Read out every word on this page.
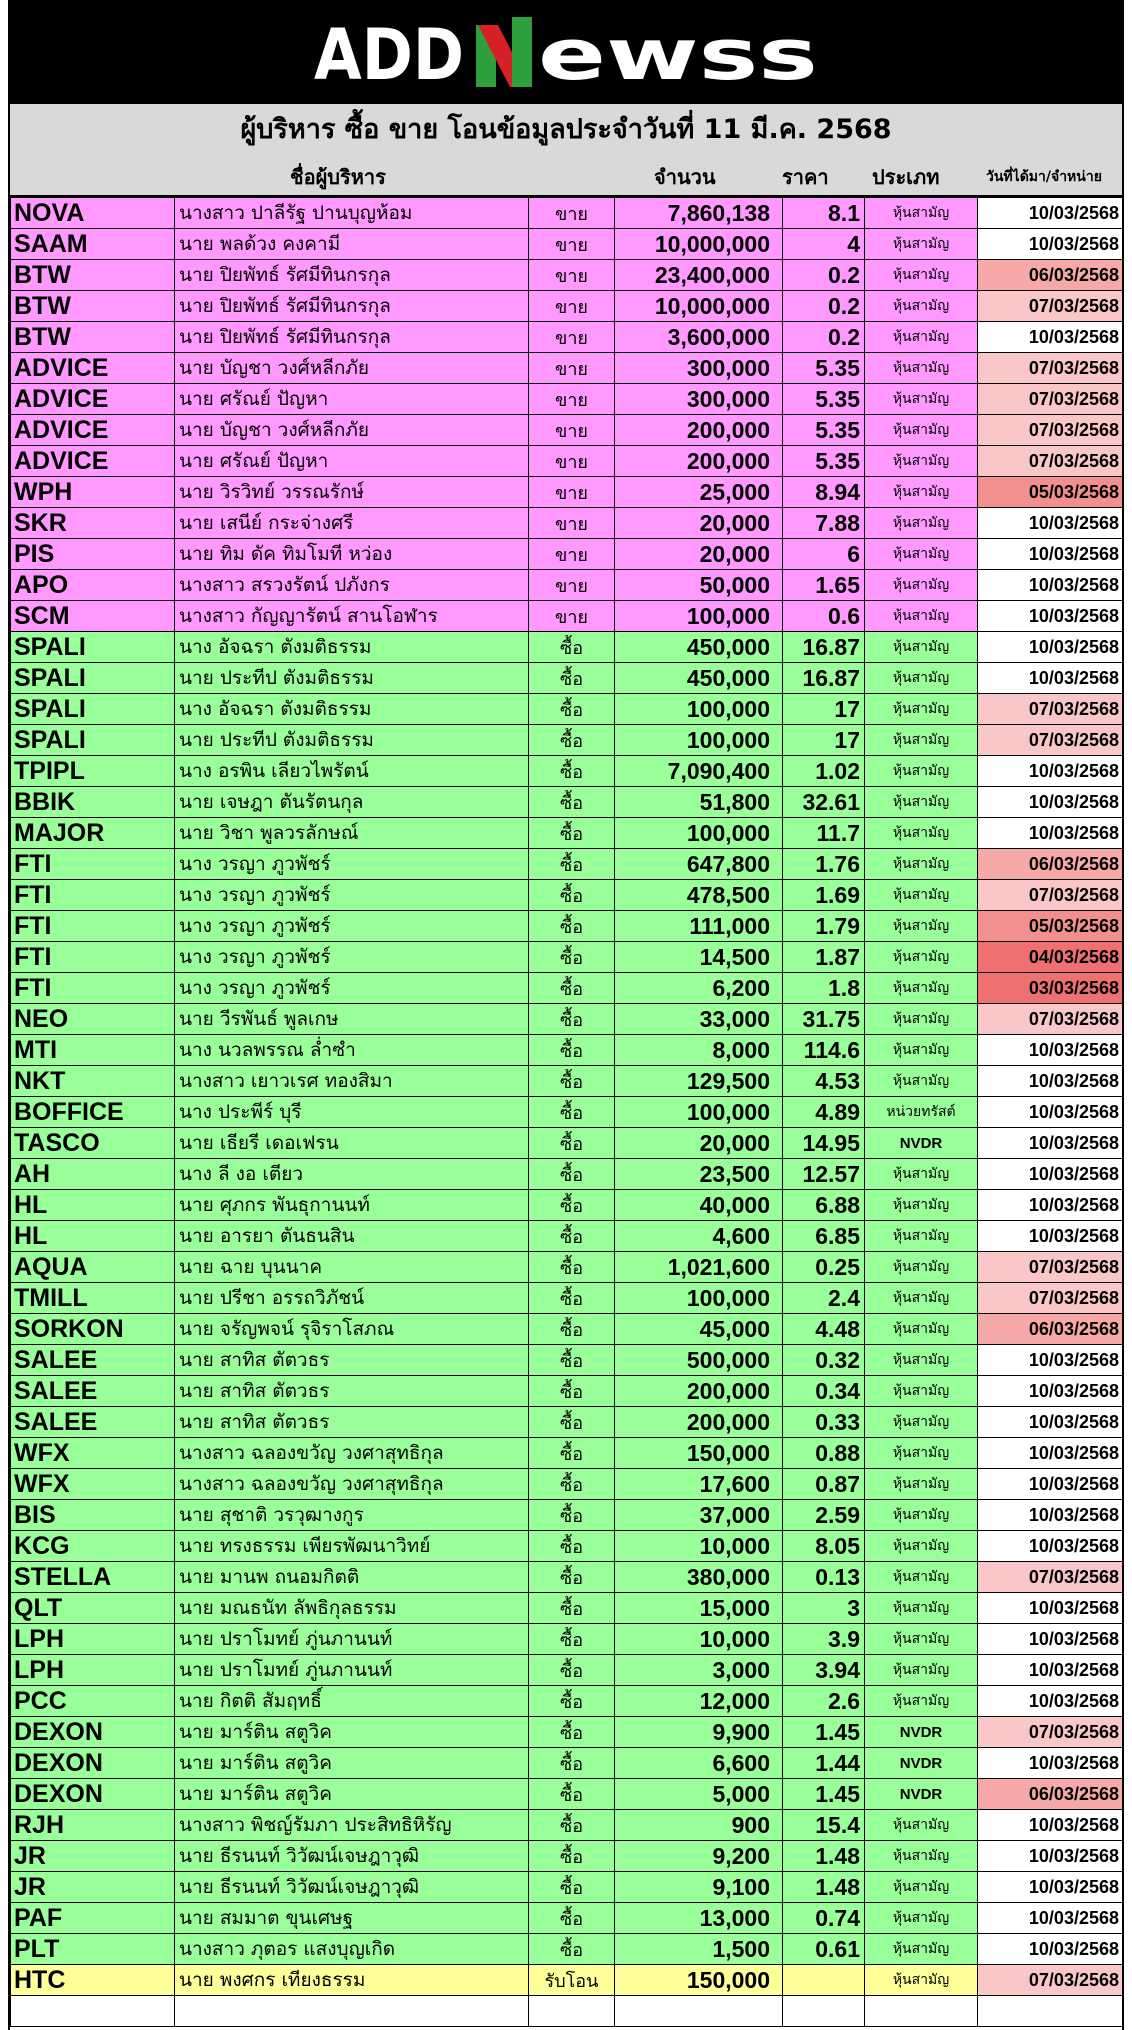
ADD
N
ewss
ผู้บริหาร ซื้อ ขาย โอนข้อมูลประจำวันที่ 11 มี.ค. 2568
ชื่อผู้บริหาร	จำนวน	ราคา ประเภท	วันที่ได้มา/จำหน่าย
NOVA	นางสาว ปาลีรัฐ ปานบุญห้อม	ขาย	7,860,138	8.1	หุ้นสามัญ	10/03/2568
SAAM	นาย พลด้วง คงคามี	ขาย	10,000,000	4	หุ้นสามัญ	10/03/2568
BTW	นาย ปิยพัทธ์ รัศมีทินกรกุล	ขาย	23,400,000	0.2	หุ้นสามัญ	06/03/2568
BTW	นาย ปิยพัทธ์ รัศมีทินกรกุล	ขาย	10,000,000	0.2	หุ้นสามัญ	07/03/2568
BTW	นาย ปิยพัทธ์ รัศมีทินกรกุล	ขาย	3,600,000	0.2	หุ้นสามัญ	10/03/2568
ADVICE	นาย บัญชา วงศ์หลีกภัย	ขาย	300,000	5.35	หุ้นสามัญ	07/03/2568
ADVICE	นาย ศรัณย์ ปัญหา	ขาย	300,000	5.35	หุ้นสามัญ	07/03/2568
ADVICE	นาย บัญชา วงศ์หลีกภัย	ขาย	200,000	5.35	หุ้นสามัญ	07/03/2568
ADVICE	นาย ศรัณย์ ปัญหา	ขาย	200,000	5.35	หุ้นสามัญ	07/03/2568
WPH	นาย วิรวิทย์ วรรณรักษ์	ขาย	25,000	8.94	หุ้นสามัญ	05/03/2568
SKR	นาย เสนีย์ กระจ่างศรี	ขาย	20,000	7.88	หุ้นสามัญ	10/03/2568
PIS	นาย ทิม ดัค ทิมโมที หว่อง	ขาย	20,000	6	หุ้นสามัญ	10/03/2568
APO	นางสาว สรวงรัตน์ ปภังกร	ขาย	50,000	1.65	หุ้นสามัญ	10/03/2568
SCM	นางสาว กัญญารัตน์ สานโอฬาร	ขาย	100,000	0.6	หุ้นสามัญ	10/03/2568
SPALI	นาง อัจฉรา ตังมติธรรม	ซื้อ	450,000	16.87	หุ้นสามัญ	10/03/2568
SPALI	นาย ประทีป ตังมติธรรม	ซื้อ	450,000	16.87	หุ้นสามัญ	10/03/2568
SPALI	นาง อัจฉรา ตังมติธรรม	ซื้อ	100,000	17	หุ้นสามัญ	07/03/2568
SPALI	นาย ประทีป ตังมติธรรม	ซื้อ	100,000	17	หุ้นสามัญ	07/03/2568
TPIPL	นาง อรพิน เลียวไพรัตน์	ซื้อ	7,090,400	1.02	หุ้นสามัญ	10/03/2568
BBIK	นาย เจษฎา ตันรัตนกุล	ซื้อ	51,800	32.61	หุ้นสามัญ	10/03/2568
MAJOR	นาย วิชา พูลวรลักษณ์	ซื้อ	100,000	11.7	หุ้นสามัญ	10/03/2568
FTI	นาง วรญา ภูวพัชร์	ซื้อ	647,800	1.76	หุ้นสามัญ	06/03/2568
FTI	นาง วรญา ภูวพัชร์	ซื้อ	478,500	1.69	หุ้นสามัญ	07/03/2568
FTI	นาง วรญา ภูวพัชร์	ซื้อ	111,000	1.79	หุ้นสามัญ	05/03/2568
FTI	นาง วรญา ภูวพัชร์	ซื้อ	14,500	1.87	หุ้นสามัญ	04/03/2568
FTI	นาง วรญา ภูวพัชร์	ซื้อ	6,200	1.8	หุ้นสามัญ	03/03/2568
NEO	นาย วีรพันธ์ พูลเกษ	ซื้อ	33,000	31.75	หุ้นสามัญ	07/03/2568
MTI	นาง นวลพรรณ ล่ำซำ	ซื้อ	8,000	114.6	หุ้นสามัญ	10/03/2568
NKT	นางสาว เยาวเรศ ทองสิมา	ซื้อ	129,500	4.53	หุ้นสามัญ	10/03/2568
BOFFICE	นาง ประพีร์ บุรี	ซื้อ	100,000	4.89	หน่วยทรัสต์	10/03/2568
TASCO	นาย เธียรี เดอเฟรน	ซื้อ	20,000	14.95	NVDR	10/03/2568
AH	นาง ลี งอ เตียว	ซื้อ	23,500	12.57	หุ้นสามัญ	10/03/2568
HL	นาย ศุภกร พันธุกานนท์	ซื้อ	40,000	6.88	หุ้นสามัญ	10/03/2568
HL	นาย อารยา ตันธนสิน	ซื้อ	4,600	6.85	หุ้นสามัญ	10/03/2568
AQUA	นาย ฉาย บุนนาค	ซื้อ	1,021,600	0.25	หุ้นสามัญ	07/03/2568
TMILL	นาย ปรีชา อรรถวิภัชน์	ซื้อ	100,000	2.4	หุ้นสามัญ	07/03/2568
SORKON	นาย จรัญพจน์ รุจิราโสภณ	ซื้อ	45,000	4.48	หุ้นสามัญ	06/03/2568
SALEE	นาย สาทิส ตัตวธร	ซื้อ	500,000	0.32	หุ้นสามัญ	10/03/2568
SALEE	นาย สาทิส ตัตวธร	ซื้อ	200,000	0.34	หุ้นสามัญ	10/03/2568
SALEE	นาย สาทิส ตัตวธร	ซื้อ	200,000	0.33	หุ้นสามัญ	10/03/2568
WFX	นางสาว ฉลองขวัญ วงศาสุทธิกุล	ซื้อ	150,000	0.88	หุ้นสามัญ	10/03/2568
WFX	นางสาว ฉลองขวัญ วงศาสุทธิกุล	ซื้อ	17,600	0.87	หุ้นสามัญ	10/03/2568
BIS	นาย สุชาติ วรวุฒางกูร	ซื้อ	37,000	2.59	หุ้นสามัญ	10/03/2568
KCG	นาย ทรงธรรม เพียรพัฒนาวิทย์	ซื้อ	10,000	8.05	หุ้นสามัญ	10/03/2568
STELLA	นาย มานพ ถนอมกิตติ	ซื้อ	380,000	0.13	หุ้นสามัญ	07/03/2568
QLT	นาย มณธนัท ลัพธิกุลธรรม	ซื้อ	15,000	3	หุ้นสามัญ	10/03/2568
LPH	นาย ปราโมทย์ ภู่นภานนท์	ซื้อ	10,000	3.9	หุ้นสามัญ	10/03/2568
LPH	นาย ปราโมทย์ ภู่นภานนท์	ซื้อ	3,000	3.94	หุ้นสามัญ	10/03/2568
PCC	นาย กิตติ สัมฤทธิ์	ซื้อ	12,000	2.6	หุ้นสามัญ	10/03/2568
DEXON	นาย มาร์ติน สตูวิค	ซื้อ	9,900	1.45	NVDR	07/03/2568
DEXON	นาย มาร์ติน สตูวิค	ซื้อ	6,600	1.44	NVDR	10/03/2568
DEXON	นาย มาร์ติน สตูวิค	ซื้อ	5,000	1.45	NVDR	06/03/2568
RJH	นางสาว พิชญ์รัมภา ประสิทธิหิรัญ	ซื้อ	900	15.4	หุ้นสามัญ	10/03/2568
JR	นาย ธีรนนท์ วิวัฒน์เจษฎาวุฒิ	ซื้อ	9,200	1.48	หุ้นสามัญ	10/03/2568
JR	นาย ธีรนนท์ วิวัฒน์เจษฎาวุฒิ	ซื้อ	9,100	1.48	หุ้นสามัญ	10/03/2568
PAF	นาย สมมาต ขุนเศษฐ	ซื้อ	13,000	0.74	หุ้นสามัญ	10/03/2568
PLT	นางสาว ภุตอร แสงบุญเกิด	ซื้อ	1,500	0.61	หุ้นสามัญ	10/03/2568
HTC	นาย พงศกร เทียงธรรม	รับโอน	150,000		หุ้นสามัญ	07/03/2568
